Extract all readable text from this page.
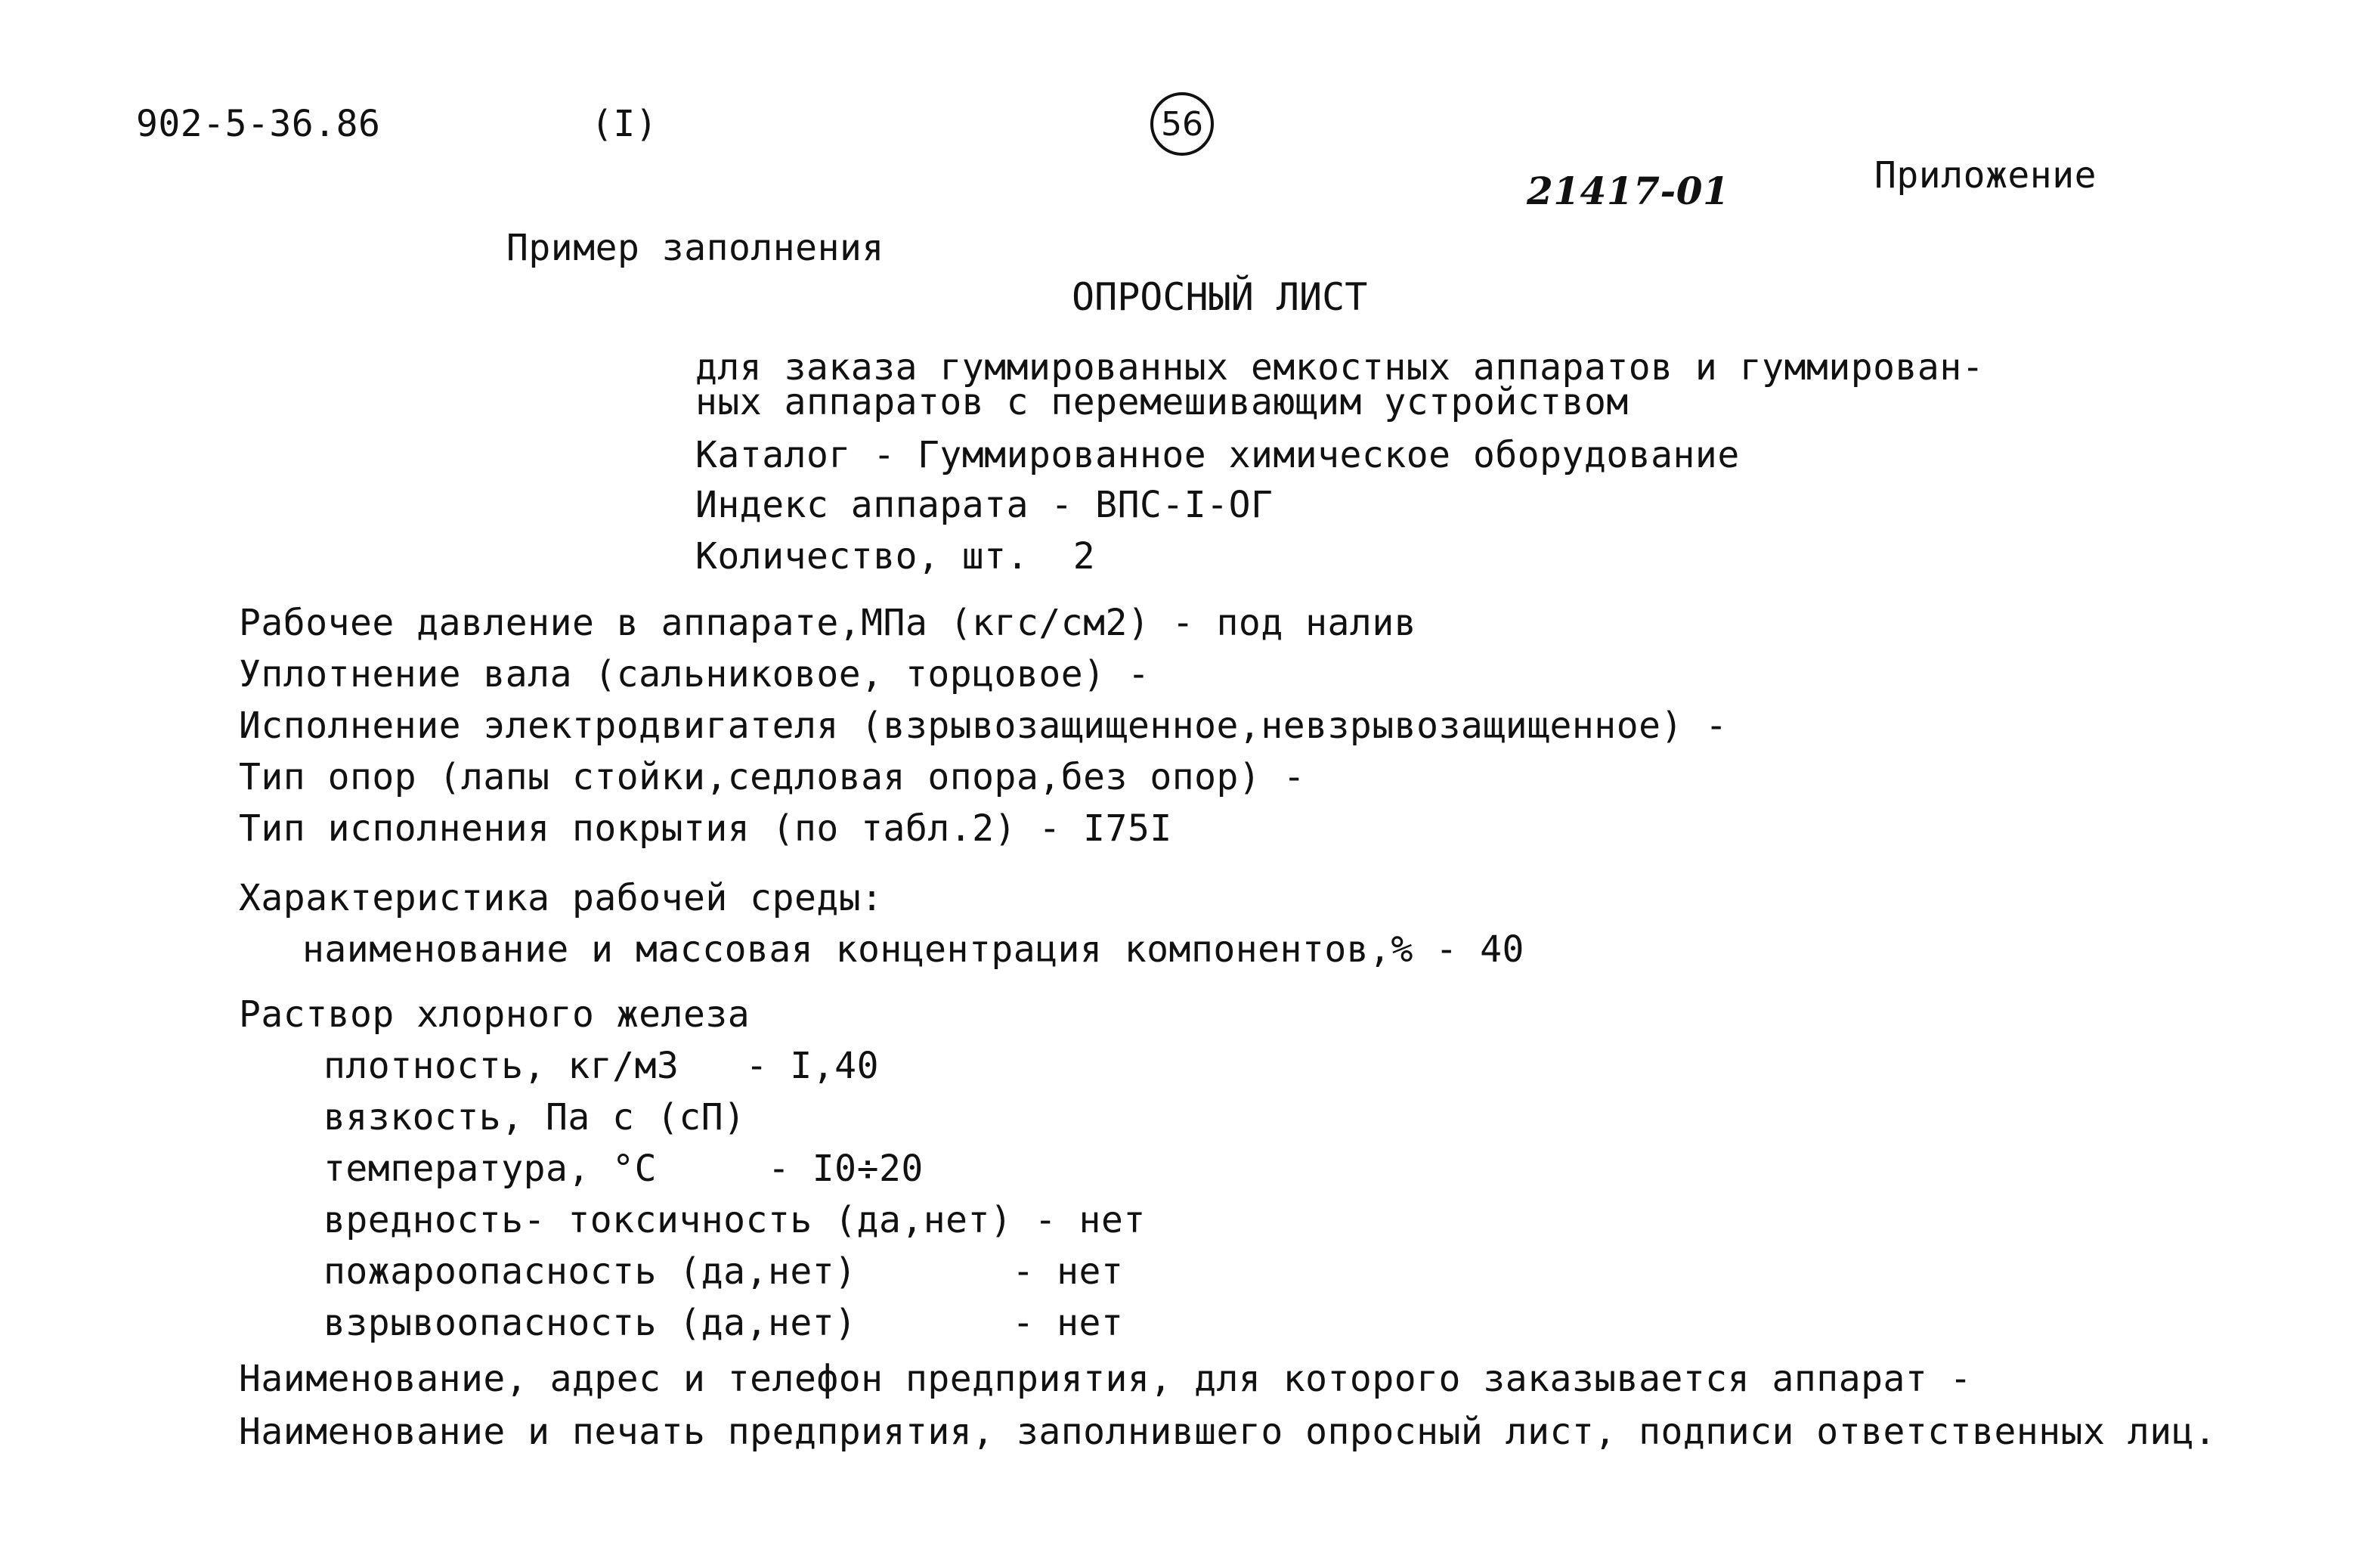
902-5-36.86	(I)	56
21417-01	Приложение
Пример заполнения
ОПРОСНЫЙ ЛИСТ
для заказа гуммированных емкостных аппаратов и гуммирован-
ных аппаратов с перемешивающим устройством
Каталог - Гуммированное химическое оборудование
Индекс аппарата - ВПС-I-ОГ
Количество, шт.  2
Рабочее давление в аппарате,МПа (кгс/см2) - под налив
Уплотнение вала (сальниковое, торцовое) -
Исполнение электродвигателя (взрывозащищенное,невзрывозащищенное) -
Тип опор (лапы стойки,седловая опора,без опор) -
Тип исполнения покрытия (по табл.2) - I75I
Характеристика рабочей среды:
наименование и массовая концентрация компонентов,% - 40
Раствор хлорного железа
плотность, кг/м3   - I,40
вязкость, Па с (сП)
температура, °С     - I0÷20
вредность- токсичность (да,нет) - нет
пожароопасность (да,нет)       - нет
взрывоопасность (да,нет)       - нет
Наименование, адрес и телефон предприятия, для которого заказывается аппарат -
Наименование и печать предприятия, заполнившего опросный лист, подписи ответственных лиц.
